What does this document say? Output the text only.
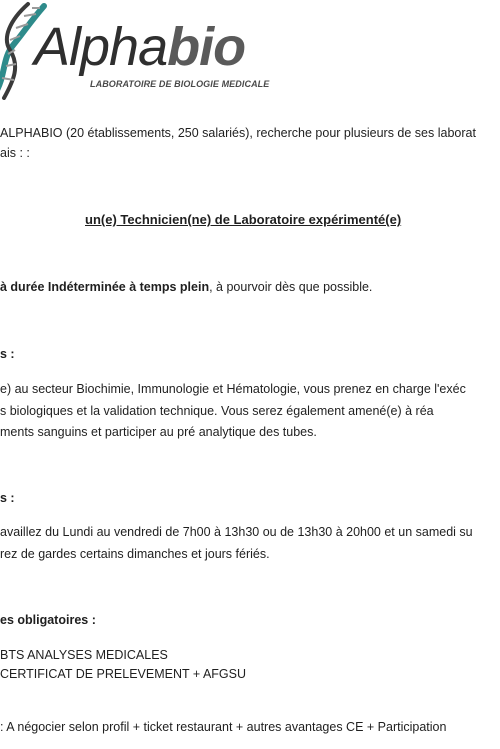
Alphabio
LABORATOIRE DE BIOLOGIE MEDICALE
ALPHABIO (20 établissements, 250 salariés), recherche pour plusieurs de ses laborat
ais : :
un(e) Technicien(ne) de Laboratoire expérimenté(e)
à durée Indéterminée à temps plein, à pourvoir dès que possible.
s :
e) au secteur Biochimie, Immunologie et Hématologie, vous prenez en charge l'exéc
s biologiques et la validation technique. Vous serez également amené(e) à réa
ments sanguins et participer au pré analytique des tubes.
s :
availlez du Lundi au vendredi de 7h00 à 13h30 ou de 13h30 à 20h00 et un samedi su
rez de gardes certains dimanches et jours fériés.
es obligatoires :
BTS ANALYSES MEDICALES
CERTIFICAT DE PRELEVEMENT + AFGSU
: A négocier selon profil + ticket restaurant + autres avantages CE + Participation
